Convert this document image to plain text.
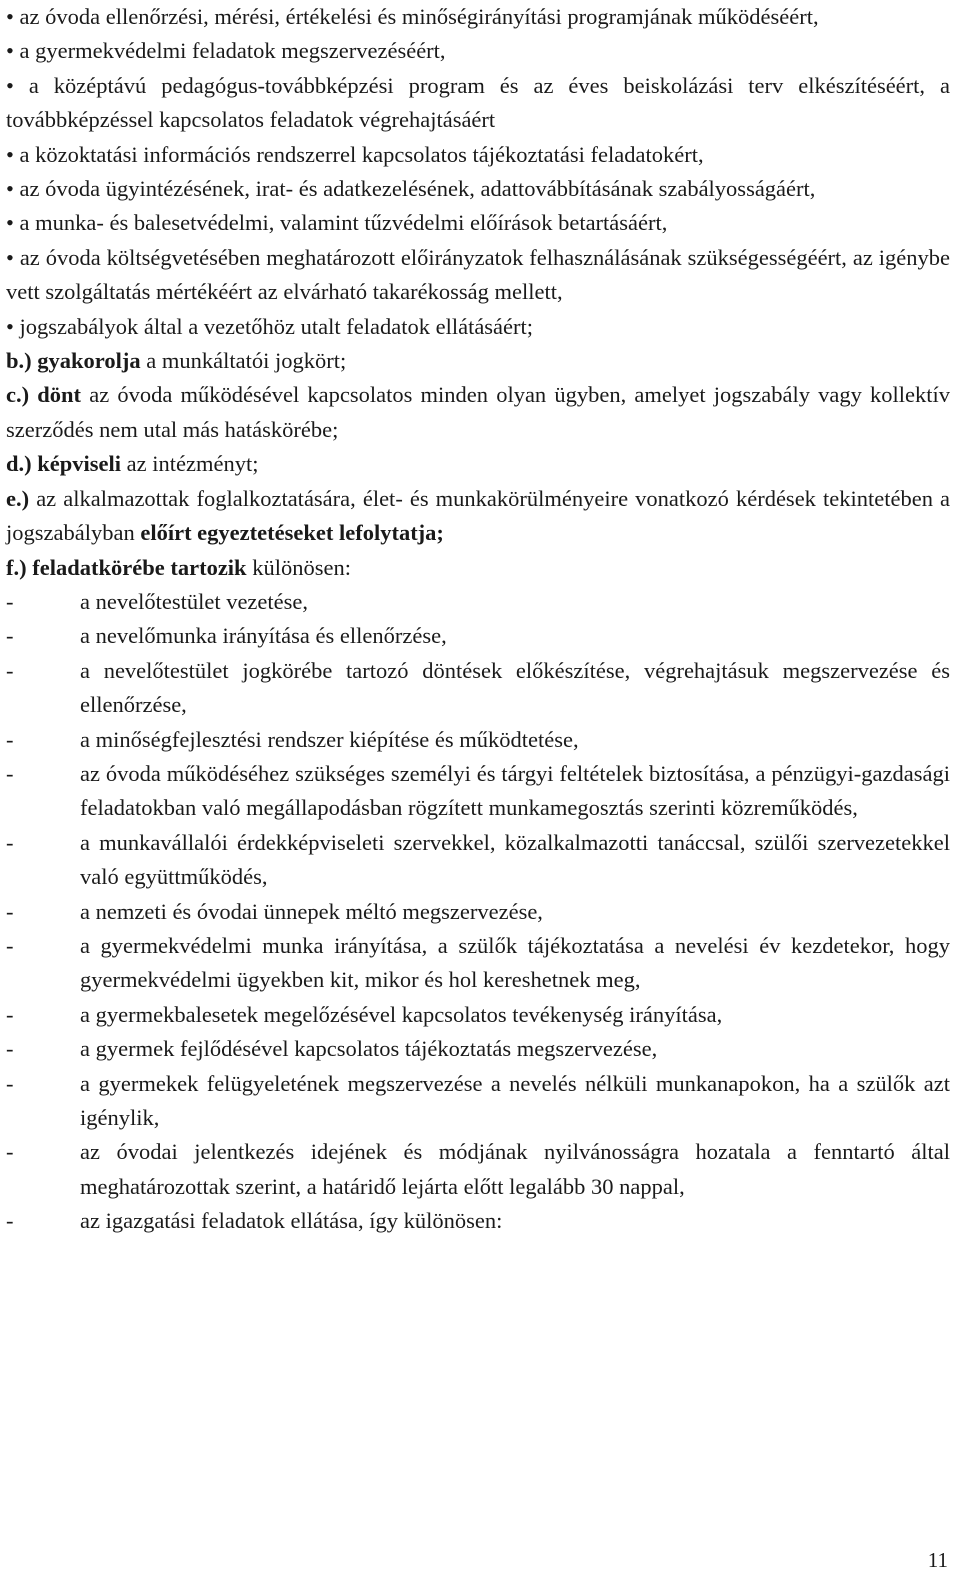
• az óvoda ellenőrzési, mérési, értékelési és minőségirányítási programjának működéséért,

• a gyermekvédelmi feladatok megszervezéséért,

• a középtávú pedagógus-továbbképzési program és az éves beiskolázási terv elkészítéséért, a továbbképzéssel kapcsolatos feladatok végrehajtásáért

• a közoktatási információs rendszerrel kapcsolatos tájékoztatási feladatokért,

• az óvoda ügyintézésének, irat- és adatkezelésének, adattovábbításának szabályosságáért,

• a munka- és balesetvédelmi, valamint tűzvédelmi előírások betartásáért,

• az óvoda költségvetésében meghatározott előirányzatok felhasználásának szükségességéért, az igénybe vett szolgáltatás mértékéért az elvárható takarékosság mellett,

• jogszabályok által a vezetőhöz utalt feladatok ellátásáért;

b.) gyakorolja a munkáltatói jogkört;

c.) dönt az óvoda működésével kapcsolatos minden olyan ügyben, amelyet jogszabály vagy kollektív szerződés nem utal más hatáskörébe;

d.) képviseli az intézményt;

e.) az alkalmazottak foglalkoztatására, élet- és munkakörülményeire vonatkozó kérdések tekintetében a jogszabályban előírt egyeztetéseket lefolytatja;

f.) feladatkörébe tartozik különösen:

-	a nevelőtestület vezetése,

-	a nevelőmunka irányítása és ellenőrzése,

-	a nevelőtestület jogkörébe tartozó döntések előkészítése, végrehajtásuk megszervezése és ellenőrzése,

-	a minőségfejlesztési rendszer kiépítése és működtetése,

-	az óvoda működéséhez szükséges személyi és tárgyi feltételek biztosítása, a pénzügyi-gazdasági feladatokban való megállapodásban rögzített munkamegosztás szerinti közreműködés,

-	a munkavállalói érdekképviseleti szervekkel, közalkalmazotti tanáccsal, szülői szervezetekkel való együttműködés,

-	a nemzeti és óvodai ünnepek méltó megszervezése,

-	a gyermekvédelmi munka irányítása, a szülők tájékoztatása a nevelési év kezdetekor, hogy gyermekvédelmi ügyekben kit, mikor és hol kereshetnek meg,

-	a gyermekbalesetek megelőzésével kapcsolatos tevékenység irányítása,

-	a gyermek fejlődésével kapcsolatos tájékoztatás megszervezése,

-	a gyermekek felügyeletének megszervezése a nevelés nélküli munkanapokon, ha a szülők azt igénylik,

-	az óvodai jelentkezés idejének és módjának nyilvánosságra hozatala a fenntartó által meghatározottak szerint, a határidő lejárta előtt legalább 30 nappal,

-	az igazgatási feladatok ellátása, így különösen:

11
